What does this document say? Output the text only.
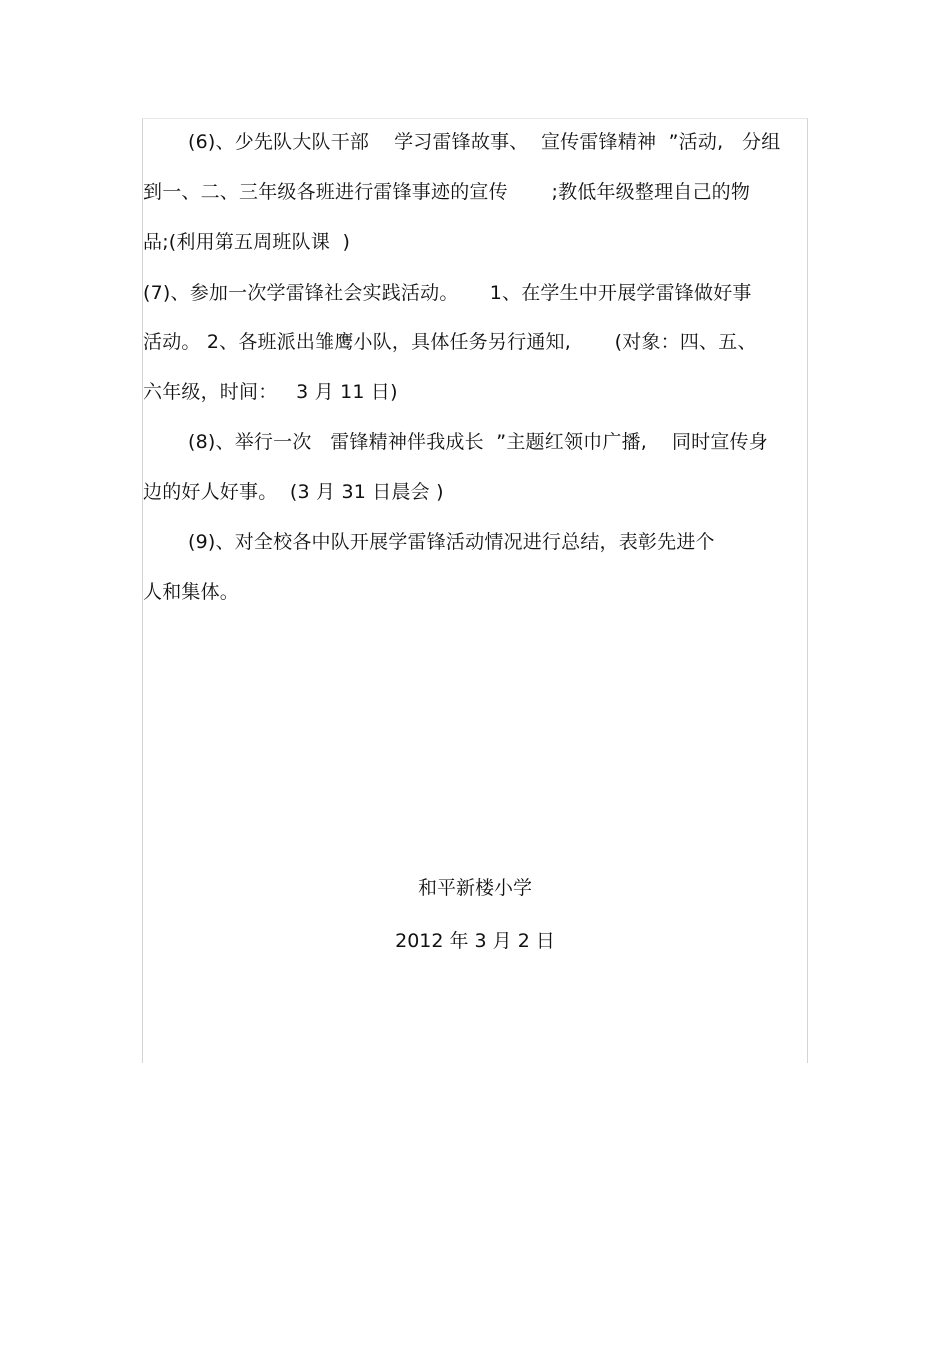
(6)、少先队大队干部    学习雷锋故事、  宣传雷锋精神  ”活动,   分组
到一、二、三年级各班进行雷锋事迹的宣传       ;教低年级整理自己的物
品;(利用第五周班队课  )
(7)、参加一次学雷锋社会实践活动。     1、在学生中开展学雷锋做好事
活动。 2、各班派出雏鹰小队，具体任务另行通知,       (对象：四、五、
六年级，时间：   3 月 11 日)
(8)、举行一次   雷锋精神伴我成长  ”主题红领巾广播,    同时宣传身
边的好人好事。  (3 月 31 日晨会 )
(9)、对全校各中队开展学雷锋活动情况进行总结，表彰先进个
人和集体。
和平新楼小学
2012 年 3 月 2 日
